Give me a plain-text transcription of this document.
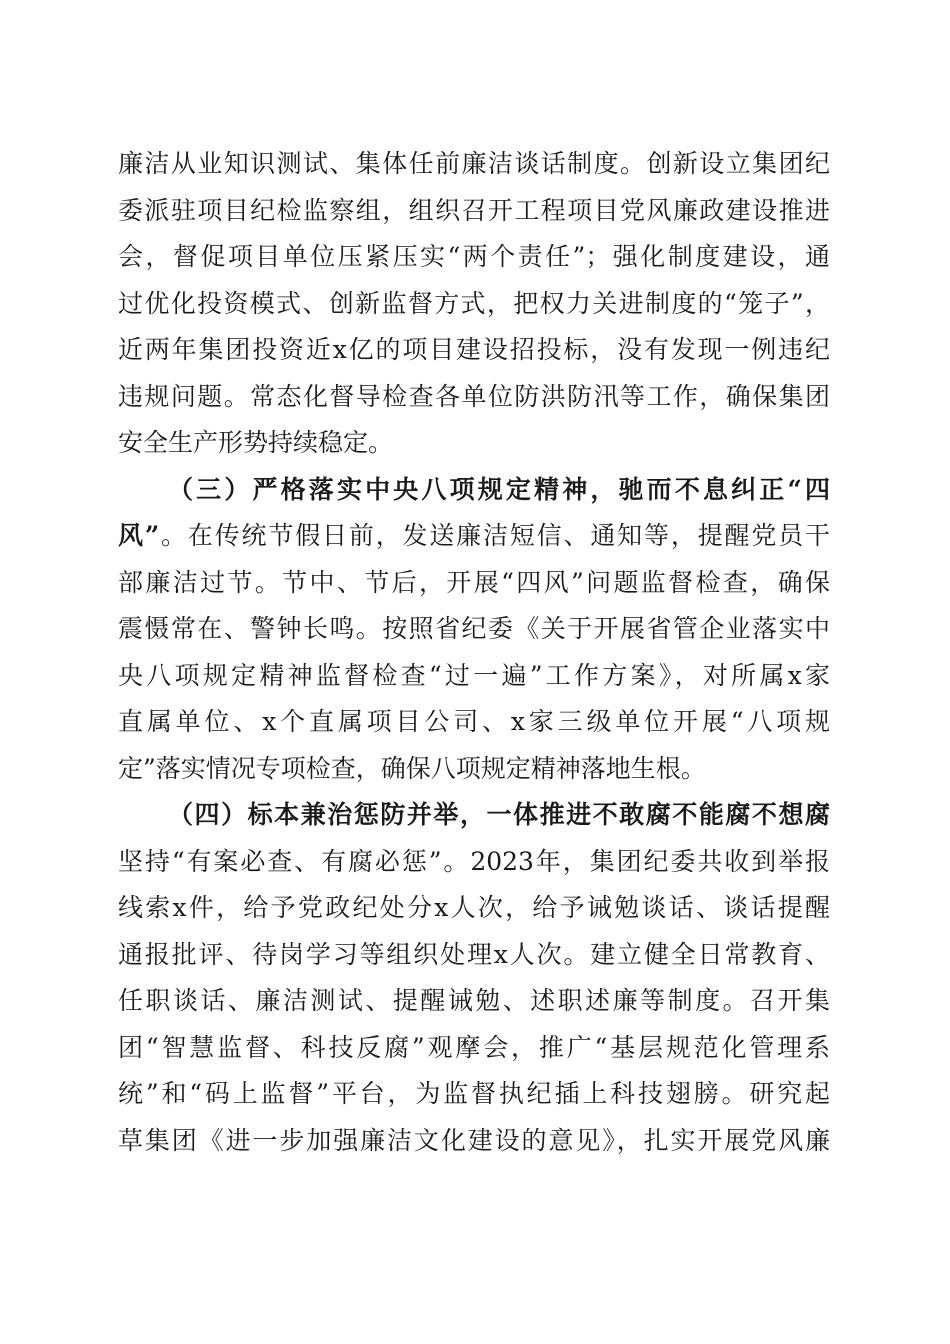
廉洁从业知识测试、集体任前廉洁谈话制度。创新设立集团纪
委派驻项目纪检监察组，组织召开工程项目党风廉政建设推进
会，督促项目单位压紧压实“两个责任”；强化制度建设，通
过优化投资模式、创新监督方式，把权力关进制度的“笼子”，
近两年集团投资近x亿的项目建设招投标，没有发现一例违纪
违规问题。常态化督导检查各单位防洪防汛等工作，确保集团
安全生产形势持续稳定。
（三）严格落实中央八项规定精神，驰而不息纠正“四
风”。在传统节假日前，发送廉洁短信、通知等，提醒党员干
部廉洁过节。节中、节后，开展“四风”问题监督检查，确保
震慑常在、警钟长鸣。按照省纪委《关于开展省管企业落实中
央八项规定精神监督检查“过一遍”工作方案》，对所属x家
直属单位、x个直属项目公司、x家三级单位开展“八项规
定”落实情况专项检查，确保八项规定精神落地生根。
（四）标本兼治惩防并举，一体推进不敢腐不能腐不想腐
坚持“有案必查、有腐必惩”。2023年，集团纪委共收到举报
线索x件，给予党政纪处分x人次，给予诫勉谈话、谈话提醒
通报批评、待岗学习等组织处理x人次。建立健全日常教育、
任职谈话、廉洁测试、提醒诫勉、述职述廉等制度。召开集
团“智慧监督、科技反腐”观摩会，推广“基层规范化管理系
统”和“码上监督”平台，为监督执纪插上科技翅膀。研究起
草集团《进一步加强廉洁文化建设的意见》，扎实开展党风廉
